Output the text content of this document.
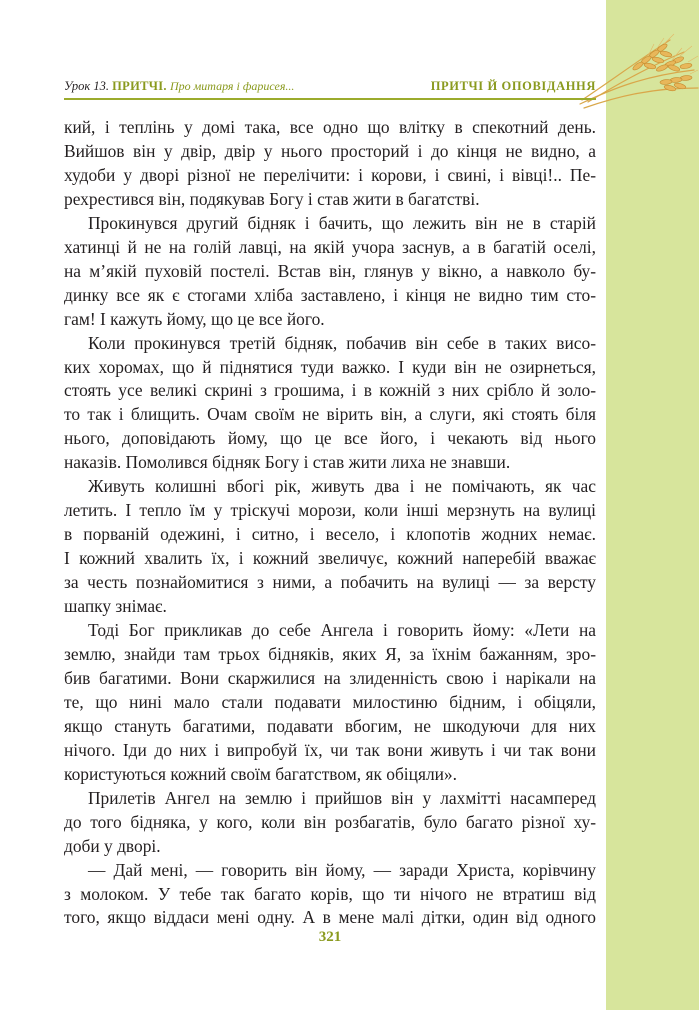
Урок 13. ПРИТЧІ. Про митаря і фарисея...	ПРИТЧІ Й ОПОВІДАННЯ
кий, і теплінь у домі така, все одно що влітку в спекотний день.
Вийшов він у двір, двір у нього просторий і до кінця не видно, а
худоби у дворі різної не перелічити: і корови, і свині, і вівці!.. Пе-
рехрестився він, подякував Богу і став жити в багатстві.
Прокинувся другий бідняк і бачить, що лежить він не в старій
хатинці й не на голій лавці, на якій учора заснув, а в багатій оселі,
на м’якій пуховій постелі. Встав він, глянув у вікно, а навколо бу-
динку все як є стогами хліба заставлено, і кінця не видно тим сто-
гам! І кажуть йому, що це все його.
Коли прокинувся третій бідняк, побачив він себе в таких висо-
ких хоромах, що й піднятися туди важко. І куди він не озирнеться,
стоять усе великі скрині з грошима, і в кожній з них срібло й золо-
то так і блищить. Очам своїм не вірить він, а слуги, які стоять біля
нього, доповідають йому, що це все його, і чекають від нього
наказів. Помолився бідняк Богу і став жити лиха не знавши.
Живуть колишні вбогі рік, живуть два і не помічають, як час
летить. І тепло їм у тріскучі морози, коли інші мерзнуть на вулиці
в порваній одежині, і ситно, і весело, і клопотів жодних немає.
І кожний хвалить їх, і кожний звеличує, кожний наперебій вважає
за честь познайомитися з ними, а побачить на вулиці — за версту
шапку знімає.
Тоді Бог прикликав до себе Ангела і говорить йому: «Лети на
землю, знайди там трьох бідняків, яких Я, за їхнім бажанням, зро-
бив багатими. Вони скаржилися на злиденність свою і нарікали на
те, що нині мало стали подавати милостиню бідним, і обіцяли,
якщо стануть багатими, подавати вбогим, не шкодуючи для них
нічого. Іди до них і випробуй їх, чи так вони живуть і чи так вони
користуються кожний своїм багатством, як обіцяли».
Прилетів Ангел на землю і прийшов він у лахмітті насамперед
до того бідняка, у кого, коли він розбагатів, було багато різної ху-
доби у дворі.
— Дай мені, — говорить він йому, — заради Христа, корівчину
з молоком. У тебе так багато корів, що ти нічого не втратиш від
того, якщо віддаси мені одну. А в мене малі дітки, один від одного
321
